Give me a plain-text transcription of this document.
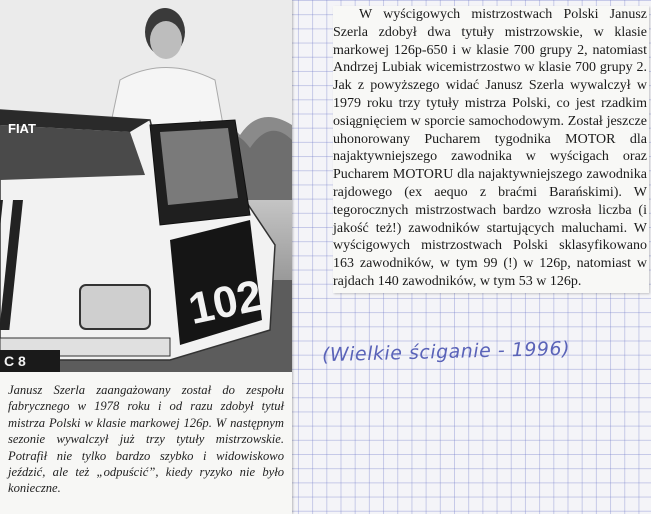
FIAT
102
C 8

Janusz Szerla zaangażowany został do zespołu fabrycznego w 1978 roku i od razu zdobył tytuł mistrza Polski w klasie markowej 126p. W następnym sezonie wywalczył już trzy tytuły mistrzowskie. Potrafił nie tylko bardzo szybko i widowiskowo jeździć, ale też „odpuścić”, kiedy ryzyko nie było konieczne.

W wyścigowych mistrzostwach Polski Janusz Szerla zdobył dwa tytuły mistrzowskie, w klasie markowej 126p-650 i w klasie 700 grupy 2, natomiast Andrzej Lubiak wicemistrzostwo w klasie 700 grupy 2. Jak z powyższego widać Janusz Szerla wywalczył w 1979 roku trzy tytuły mistrza Polski, co jest rzadkim osiągnięciem w sporcie samochodowym. Został jeszcze uhonorowany Pucharem tygodnika MOTOR dla najaktywniejszego zawodnika w wyścigach oraz Pucharem MOTORU dla najaktywniejszego zawodnika rajdowego (ex aequo z braćmi Barańskimi). W tegorocznych mistrzostwach bardzo wzrosła liczba (i jakość też!) zawodników startujących maluchami. W wyścigowych mistrzostwach Polski sklasyfikowano 163 zawodników, w tym 99 (!) w 126p, natomiast w rajdach 140 zawodników, w tym 53 w 126p.

(Wielkie ściganie - 1996)
